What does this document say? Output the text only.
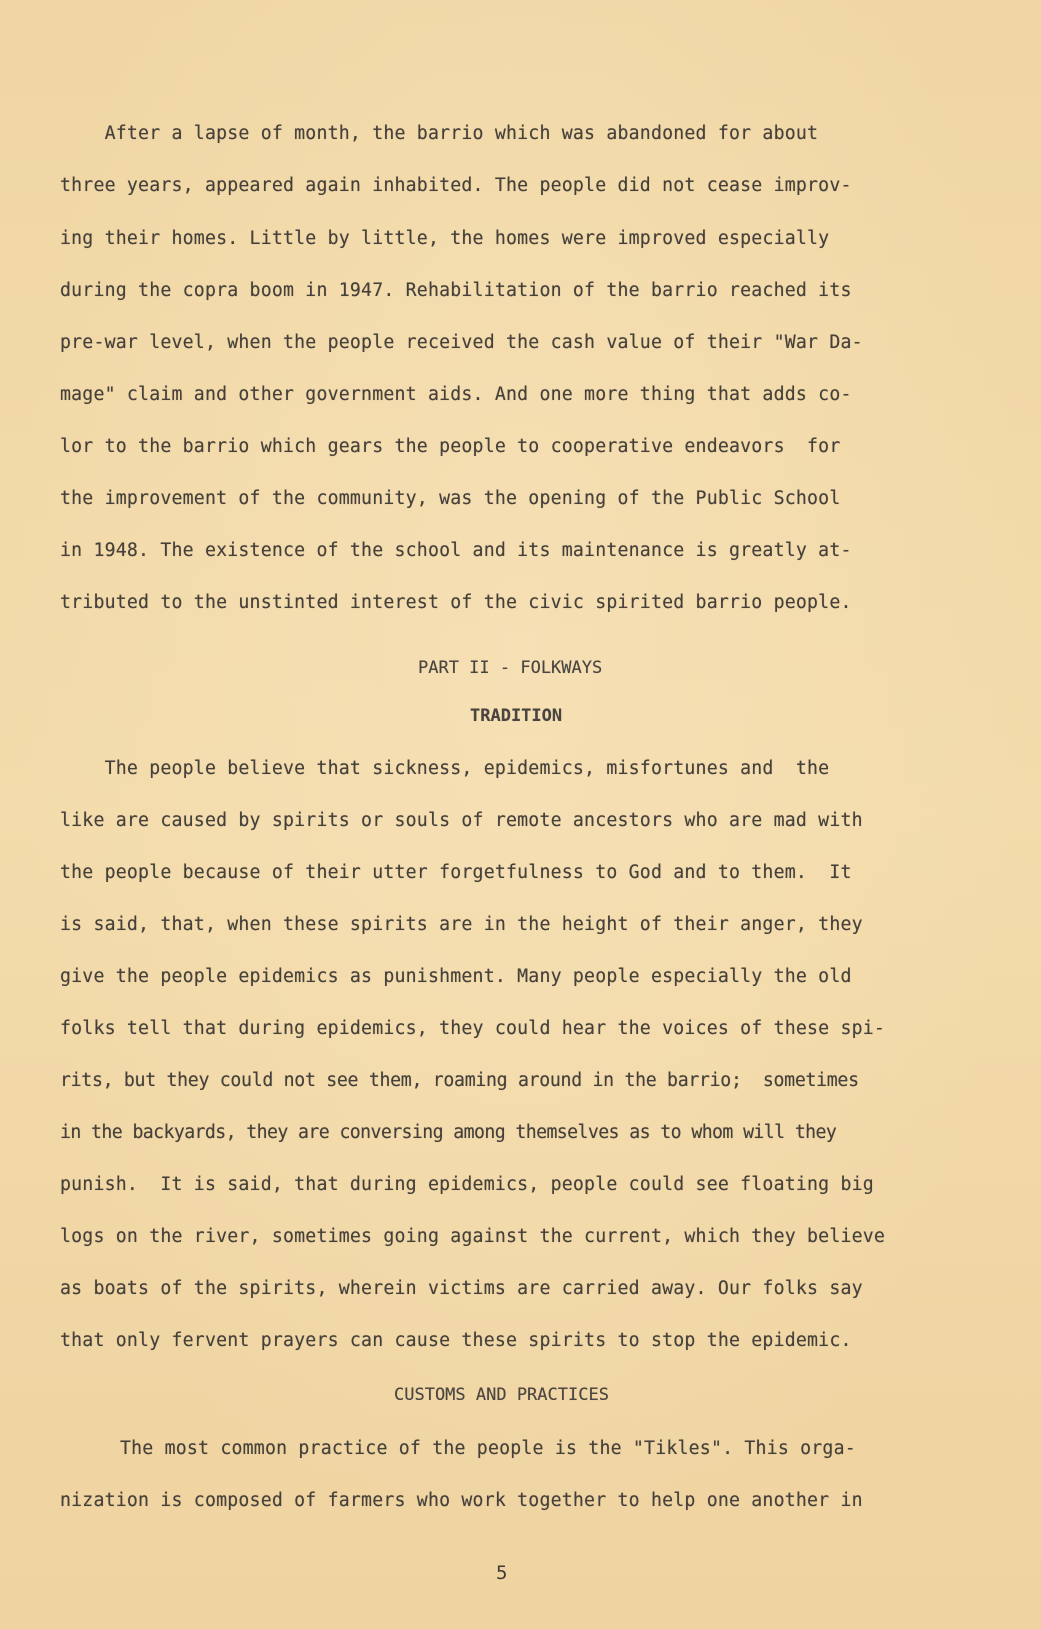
After a lapse of month, the barrio which was abandoned for about
three years, appeared again inhabited. The people did not cease improv-
ing their homes. Little by little, the homes were improved especially
during the copra boom in 1947. Rehabilitation of the barrio reached its
pre-war level, when the people received the cash value of their "War Da-
mage" claim and other government aids. And one more thing that adds co-
lor to the barrio which gears the people to cooperative endeavors  for
the improvement of the community, was the opening of the Public School
in 1948. The existence of the school and its maintenance is greatly at-
tributed to the unstinted interest of the civic spirited barrio people.
PART II - FOLKWAYS
TRADITION
The people believe that sickness, epidemics, misfortunes and  the
like are caused by spirits or souls of remote ancestors who are mad with
the people because of their utter forgetfulness to God and to them.  It
is said, that, when these spirits are in the height of their anger, they
give the people epidemics as punishment. Many people especially the old
folks tell that during epidemics, they could hear the voices of these spi-
rits, but they could not see them, roaming around in the barrio;  sometimes
in the backyards, they are conversing among themselves as to whom will they
punish.  It is said, that during epidemics, people could see floating big
logs on the river, sometimes going against the current, which they believe
as boats of the spirits, wherein victims are carried away. Our folks say
that only fervent prayers can cause these spirits to stop the epidemic.
CUSTOMS AND PRACTICES
The most common practice of the people is the "Tikles". This orga-
nization is composed of farmers who work together to help one another in
5
